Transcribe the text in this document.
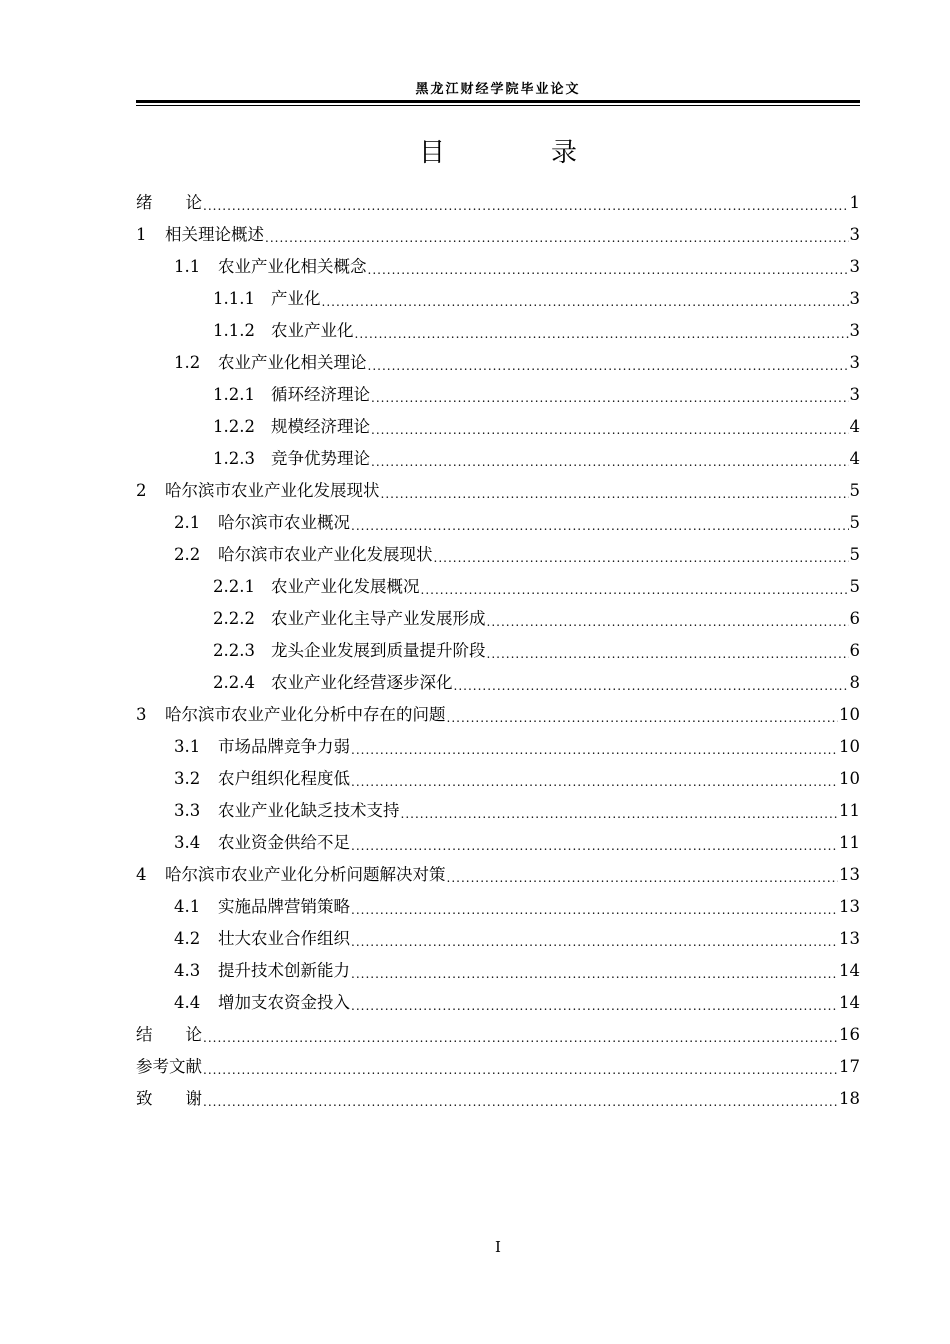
黑龙江财经学院毕业论文
目　录
绪　　论 .....	1
1	相关理论概述 .....	3
1.1	农业产业化相关概念 .....	3
1.1.1 产业化 .....	3
1.1.2 农业产业化 .....	3
1.2	农业产业化相关理论 .....	3
1.2.1 循环经济理论 .....	3
1.2.2 规模经济理论 .....	4
1.2.3 竞争优势理论 .....	4
2	哈尔滨市农业产业化发展现状 .....	5
2.1	哈尔滨市农业概况 .....	5
2.2	哈尔滨市农业产业化发展现状 .....	5
2.2.1 农业产业化发展概况 .....	5
2.2.2 农业产业化主导产业发展形成 .....	6
2.2.3 龙头企业发展到质量提升阶段 .....	6
2.2.4 农业产业化经营逐步深化 .....	8
3	哈尔滨市农业产业化分析中存在的问题 .....	10
3.1	市场品牌竞争力弱 .....	10
3.2	农户组织化程度低 .....	10
3.3	农业产业化缺乏技术支持 .....	11
3.4	农业资金供给不足 .....	11
4	哈尔滨市农业产业化分析问题解决对策 .....	13
4.1	实施品牌营销策略 .....	13
4.2	壮大农业合作组织 .....	13
4.3	提升技术创新能力 .....	14
4.4	增加支农资金投入 .....	14
结　　论 .....	16
参考文献 .....	17
致　　谢 .....	18
I
